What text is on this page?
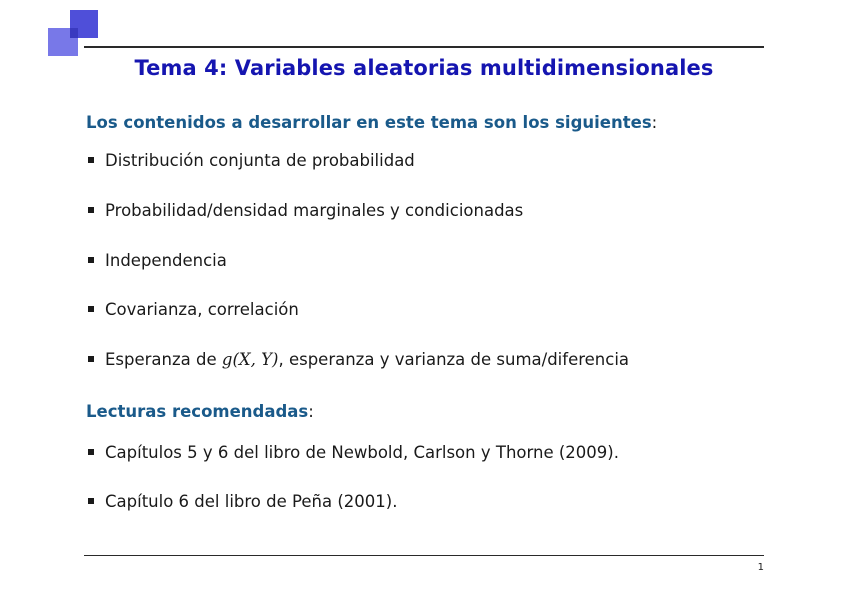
Tema 4: Variables aleatorias multidimensionales
Los contenidos a desarrollar en este tema son los siguientes:
Distribución conjunta de probabilidad
Probabilidad/densidad marginales y condicionadas
Independencia
Covarianza, correlación
Esperanza de g(X, Y), esperanza y varianza de suma/diferencia
Lecturas recomendadas:
Capítulos 5 y 6 del libro de Newbold, Carlson y Thorne (2009).
Capítulo 6 del libro de Peña (2001).
1
